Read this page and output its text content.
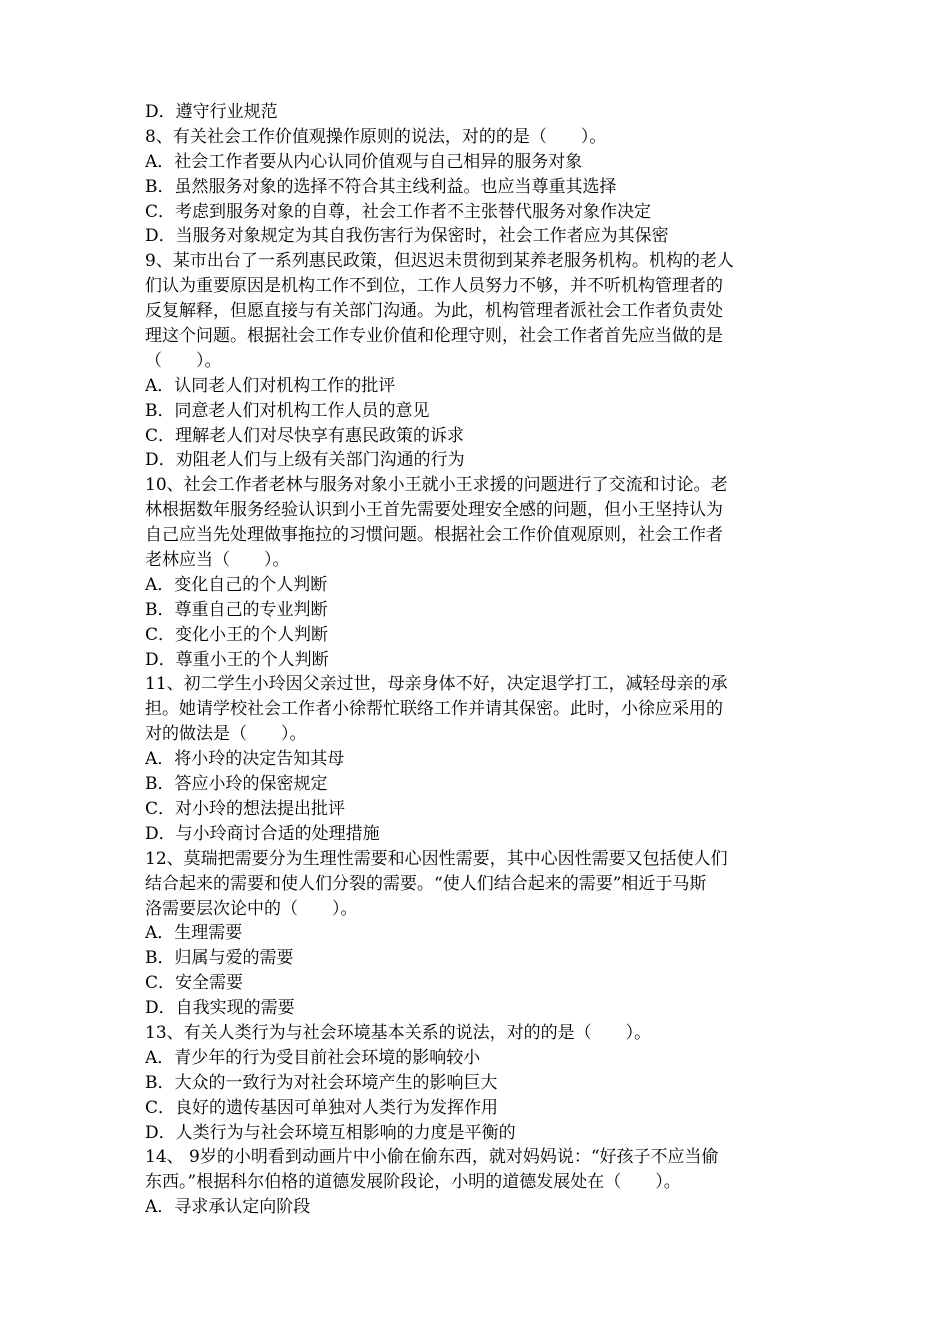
D．遵守行业规范
8、有关社会工作价值观操作原则的说法，对的的是（　　）。
A．社会工作者要从内心认同价值观与自己相异的服务对象
B．虽然服务对象的选择不符合其主线利益。也应当尊重其选择
C．考虑到服务对象的自尊，社会工作者不主张替代服务对象作决定
D．当服务对象规定为其自我伤害行为保密时，社会工作者应为其保密
9、某市出台了一系列惠民政策，但迟迟未贯彻到某养老服务机构。机构的老人
们认为重要原因是机构工作不到位，工作人员努力不够，并不听机构管理者的
反复解释，但愿直接与有关部门沟通。为此，机构管理者派社会工作者负责处
理这个问题。根据社会工作专业价值和伦理守则，社会工作者首先应当做的是
（　　）。
A．认同老人们对机构工作的批评
B．同意老人们对机构工作人员的意见
C．理解老人们对尽快享有惠民政策的诉求
D．劝阻老人们与上级有关部门沟通的行为
10、社会工作者老林与服务对象小王就小王求援的问题进行了交流和讨论。老
林根据数年服务经验认识到小王首先需要处理安全感的问题，但小王坚持认为
自己应当先处理做事拖拉的习惯问题。根据社会工作价值观原则，社会工作者
老林应当（　　）。
A．变化自己的个人判断
B．尊重自己的专业判断
C．变化小王的个人判断
D．尊重小王的个人判断
11、初二学生小玲因父亲过世，母亲身体不好，决定退学打工，减轻母亲的承
担。她请学校社会工作者小徐帮忙联络工作并请其保密。此时，小徐应采用的
对的做法是（　　）。
A．将小玲的决定告知其母
B．答应小玲的保密规定
C．对小玲的想法提出批评
D．与小玲商讨合适的处理措施
12、莫瑞把需要分为生理性需要和心因性需要，其中心因性需要又包括使人们
结合起来的需要和使人们分裂的需要。“使人们结合起来的需要”相近于马斯
洛需要层次论中的（　　）。
A．生理需要
B．归属与爱的需要
C．安全需要
D．自我实现的需要
13、有关人类行为与社会环境基本关系的说法，对的的是（　　）。
A．青少年的行为受目前社会环境的影响较小
B．大众的一致行为对社会环境产生的影响巨大
C．良好的遗传基因可单独对人类行为发挥作用
D．人类行为与社会环境互相影响的力度是平衡的
14、 9岁的小明看到动画片中小偷在偷东西，就对妈妈说：“好孩子不应当偷
东西。”根据科尔伯格的道德发展阶段论，小明的道德发展处在（　　）。
A．寻求承认定向阶段
